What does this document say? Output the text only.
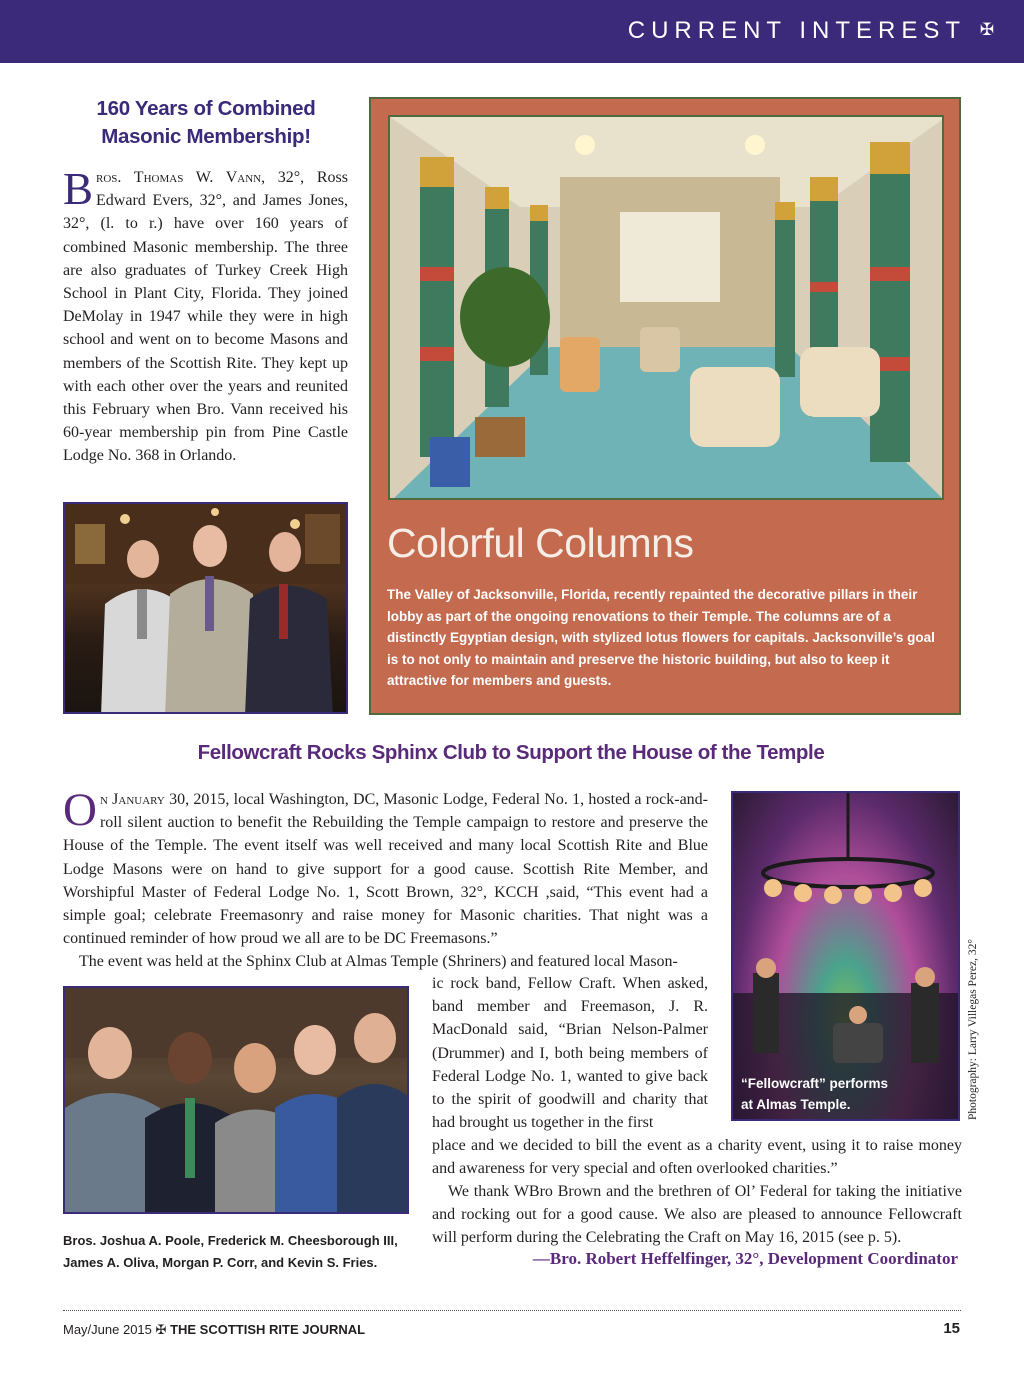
CURRENT INTEREST ✠
160 Years of Combined
Masonic Membership!
Bros. Thomas W. Vann, 32°, Ross Edward Evers, 32°, and James Jones, 32°, (l. to r.) have over 160 years of combined Masonic membership. The three are also graduates of Turkey Creek High School in Plant City, Florida. They joined DeMolay in 1947 while they were in high school and went on to become Masons and members of the Scottish Rite. They kept up with each other over the years and reunited this February when Bro. Vann received his 60-year membership pin from Pine Castle Lodge No. 368 in Orlando.
Colorful Columns
The Valley of Jacksonville, Florida, recently repainted the decorative pillars in their lobby as part of the ongoing renovations to their Temple. The columns are of a distinctly Egyptian design, with stylized lotus flowers for capitals. Jacksonville’s goal is to not only to maintain and preserve the historic building, but also to keep it attractive for members and guests.
Fellowcraft Rocks Sphinx Club to Support the House of the Temple

On January 30, 2015, local Washington, DC, Masonic Lodge, Federal No. 1, hosted a rock-and-roll silent auction to benefit the Rebuilding the Temple campaign to restore and preserve the House of the Temple. The event itself was well received and many local Scottish Rite and Blue Lodge Masons were on hand to give support for a good cause. Scottish Rite Member, and Worshipful Master of Federal Lodge No. 1, Scott Brown, 32°, KCCH ,said, “This event had a simple goal; celebrate Freemasonry and raise money for Masonic charities. That night was a continued reminder of how proud we all are to be DC Freemasons.”

The event was held at the Sphinx Club at Almas Temple (Shriners) and featured local Mason-

ic rock band, Fellow Craft. When asked, band member and Freemason, J. R. MacDonald said, “Brian Nelson-Palmer (Drummer) and I, both being members of Federal Lodge No. 1, wanted to give back to the spirit of goodwill and charity that had brought us together in the first
place and we decided to bill the event as a charity event, using it to raise money and awareness for very special and often overlooked charities.”
We thank WBro Brown and the brethren of Ol’ Federal for taking the initiative and rocking out for a good cause. We also are pleased to announce Fellowcraft will perform during the Celebrating the Craft on May 16, 2015 (see p. 5).
—Bro. Robert Heffelfinger, 32°, Development Coordinator
“Fellowcraft” performs
at Almas Temple.	Photography: Larry Villegas Perez, 32°
Bros. Joshua A. Poole, Frederick M. Cheesborough III, James A. Oliva, Morgan P. Corr, and Kevin S. Fries.
May/June 2015 ✠ THE SCOTTISH RITE JOURNAL	15
